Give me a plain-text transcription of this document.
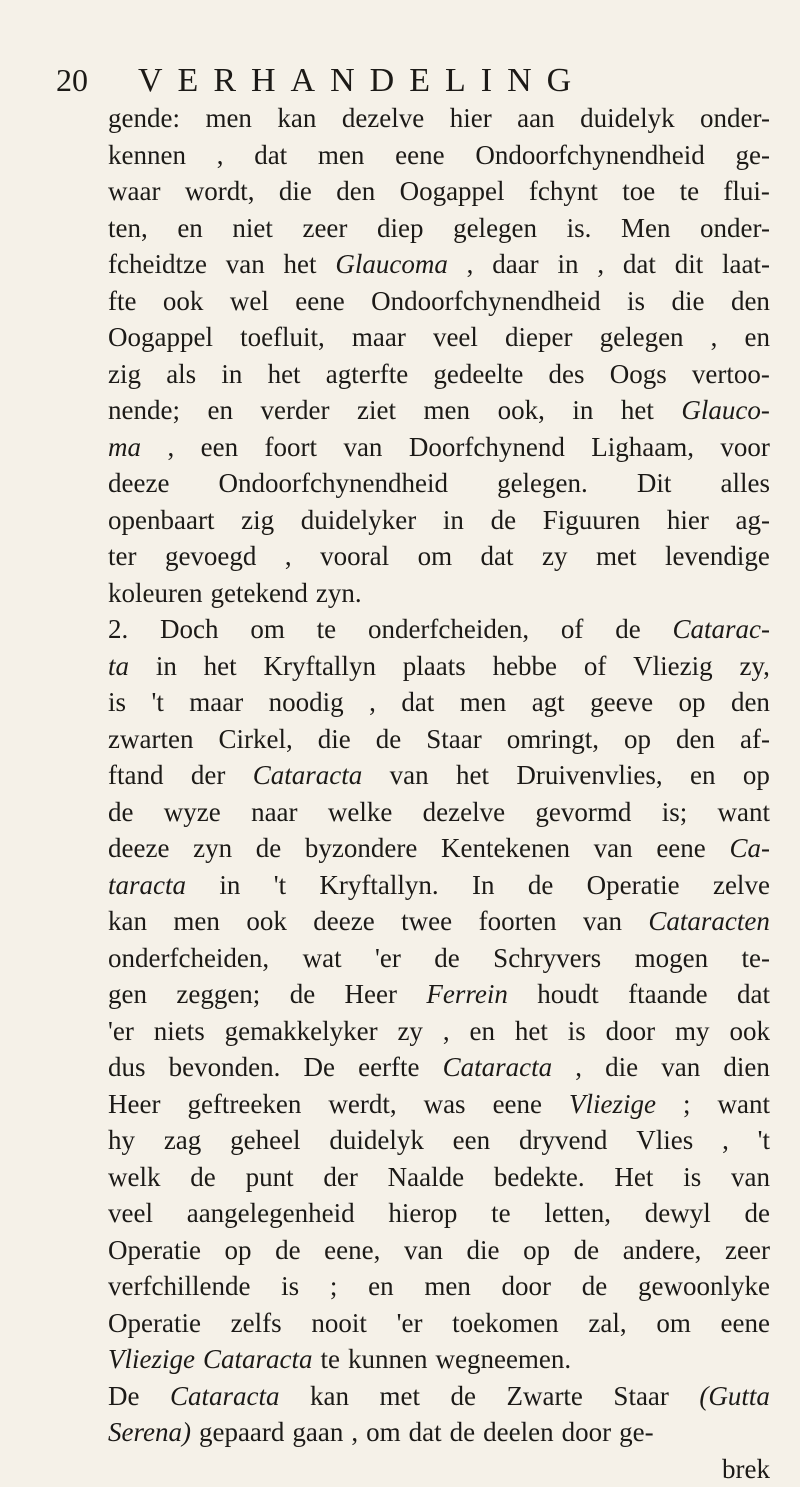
20 VERHANDELING
gende: men kan dezelve hier aan duidelyk onder-
kennen , dat men eene Ondoorfchynendheid ge-
waar wordt, die den Oogappel fchynt toe te flui-
ten, en niet zeer diep gelegen is. Men onder-
fcheidtze van het Glaucoma , daar in , dat dit laat-
fte ook wel eene Ondoorfchynendheid is die den
Oogappel toefluit, maar veel dieper gelegen , en
zig als in het agterfte gedeelte des Oogs vertoo-
nende; en verder ziet men ook, in het Glauco-
ma , een foort van Doorfchynend Lighaam, voor
deeze Ondoorfchynendheid gelegen. Dit alles
openbaart zig duidelyker in de Figuuren hier ag-
ter gevoegd , vooral om dat zy met levendige
koleuren getekend zyn.
2. Doch om te onderfcheiden, of de Catarac-
ta in het Kryftallyn plaats hebbe of Vliezig zy,
is 't maar noodig , dat men agt geeve op den
zwarten Cirkel, die de Staar omringt, op den af-
ftand der Cataracta van het Druivenvlies, en op
de wyze naar welke dezelve gevormd is; want
deeze zyn de byzondere Kentekenen van eene Ca-
taracta in 't Kryftallyn. In de Operatie zelve
kan men ook deeze twee foorten van Cataracten
onderfcheiden, wat 'er de Schryvers mogen te-
gen zeggen; de Heer Ferrein houdt ftaande dat
'er niets gemakkelyker zy , en het is door my ook
dus bevonden. De eerfte Cataracta , die van dien
Heer geftreeken werdt, was eene Vliezige ; want
hy zag geheel duidelyk een dryvend Vlies , 't
welk de punt der Naalde bedekte. Het is van
veel aangelegenheid hierop te letten, dewyl de
Operatie op de eene, van die op de andere, zeer
verfchillende is ; en men door de gewoonlyke
Operatie zelfs nooit 'er toekomen zal, om eene
Vliezige Cataracta te kunnen wegneemen.
De Cataracta kan met de Zwarte Staar (Gutta
Serena) gepaard gaan , om dat de deelen door ge-
brek
